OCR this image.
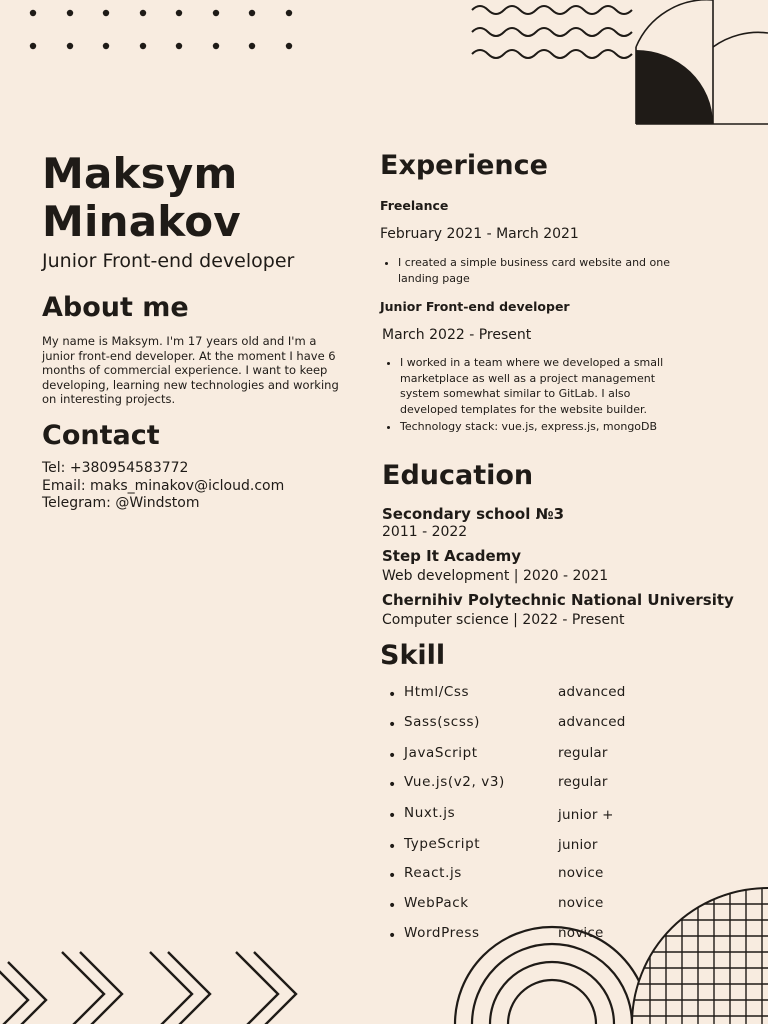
Maksym
Minakov
Junior Front-end developer
About me
My name is Maksym. I'm 17 years old and I'm a junior front-end developer. At the moment I have 6 months of commercial experience. I want to keep developing, learning new technologies and working on interesting projects.
Contact
Tel: +380954583772
Email: maks_minakov@icloud.com
Telegram: @Windstom
Experience
Freelance
February 2021 - March 2021
• I created a simple business card website and one landing page
Junior Front-end developer
March 2022 - Present
• I worked in a team where we developed a small marketplace as well as a project management system somewhat similar to GitLab. I also developed templates for the website builder.
• Technology stack: vue.js, express.js, mongoDB
Education
Secondary school №3
2011 - 2022
Step It Academy
Web development | 2020 - 2021
Chernihiv Polytechnic National University
Computer science | 2022 - Present
Skill
• Html/Css	advanced
• Sass(scss)	advanced
• JavaScript	regular
• Vue.js(v2, v3)	regular
• Nuxt.js	junior +
• TypeScript	junior
• React.js	novice
• WebPack	novice
• WordPress	novice
